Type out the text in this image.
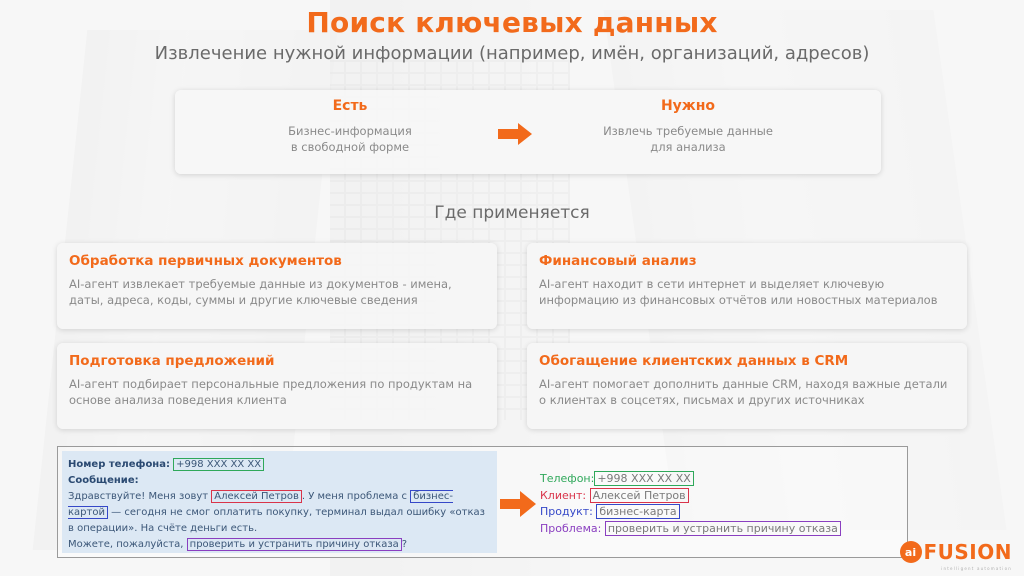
Поиск ключевых данных
Извлечение нужной информации (например, имён, организаций, адресов)
Есть
Бизнес-информация
в свободной форме
Нужно
Извлечь требуемые данные
для анализа
Где применяется
Обработка первичных документов
AI-агент извлекает требуемые данные из документов - имена, даты, адреса, коды, суммы и другие ключевые сведения
Финансовый анализ
AI-агент находит в сети интернет и выделяет ключевую информацию из финансовых отчётов или новостных материалов
Подготовка предложений
AI-агент подбирает персональные предложения по продуктам на основе анализа поведения клиента
Обогащение клиентских данных в CRM
AI-агент помогает дополнить данные CRM, находя важные детали о клиентах в соцсетях, письмах и других источниках
Номер телефона: +998 XXX XX XX
Сообщение:
Здравствуйте! Меня зовут Алексей Петров . У меня проблема с бизнес-картой — сегодня не смог оплатить покупку, терминал выдал ошибку «отказ в операции». На счёте деньги есть.
Можете, пожалуйста, проверить и устранить причину отказа ?
Телефон: +998 XXX XX XX
Клиент: Алексей Петров
Продукт: бизнес-карта
Проблема: проверить и устранить причину отказа
ai FUSION
intelligent automation
